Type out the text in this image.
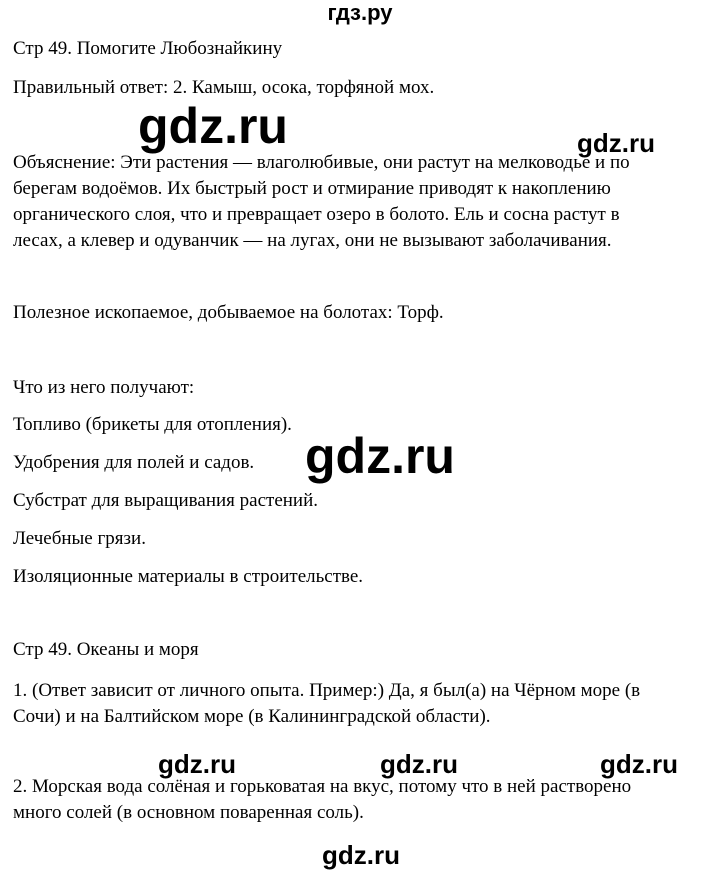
гдз.ру
Стр 49. Помогите Любознайкину
Правильный ответ: 2. Камыш, осока, торфяной мох.
gdz.ru	gdz.ru
Объяснение: Эти растения — влаголюбивые, они растут на мелководье и по
берегам водоёмов. Их быстрый рост и отмирание приводят к накоплению
органического слоя, что и превращает озеро в болото. Ель и сосна растут в
лесах, а клевер и одуванчик — на лугах, они не вызывают заболачивания.
Полезное ископаемое, добываемое на болотах: Торф.
Что из него получают:
Топливо (брикеты для отопления).
Удобрения для полей и садов.
Субстрат для выращивания растений.
Лечебные грязи.
Изоляционные материалы в строительстве.
gdz.ru
Стр 49. Океаны и моря
1. (Ответ зависит от личного опыта. Пример:) Да, я был(а) на Чёрном море (в
Сочи) и на Балтийском море (в Калининградской области).
gdz.ru	gdz.ru	gdz.ru
2. Морская вода солёная и горьковатая на вкус, потому что в ней растворено
много солей (в основном поваренная соль).
gdz.ru
